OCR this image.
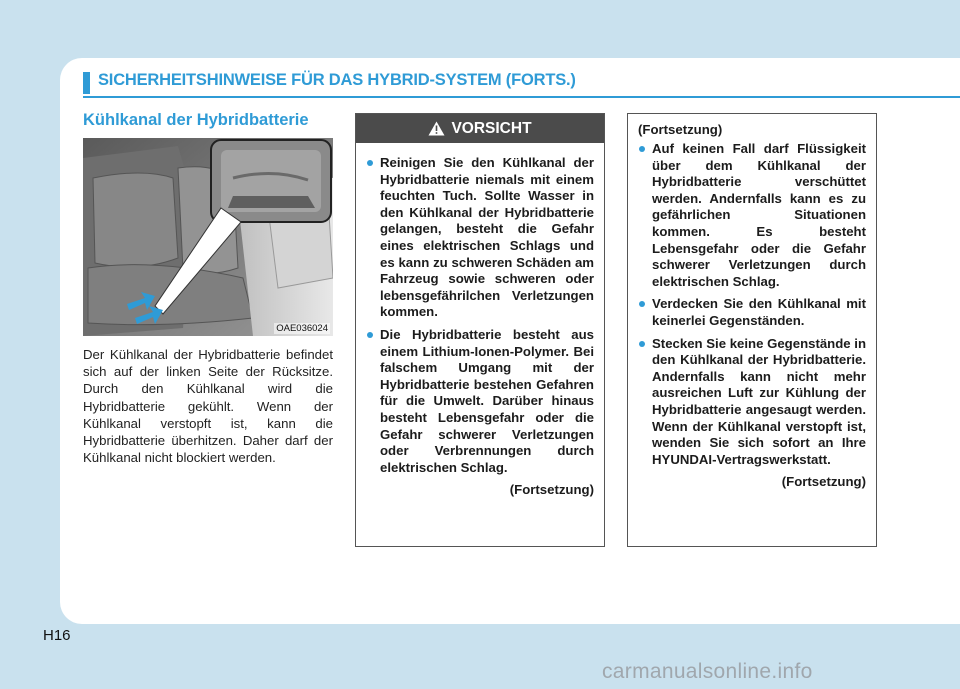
SICHERHEITSHINWEISE FÜR DAS HYBRID-SYSTEM (FORTS.)
Kühlkanal der Hybridbatterie
OAE036024
Der Kühlkanal der Hybridbatterie befindet sich auf der linken Seite der Rücksitze. Durch den Kühlkanal wird die Hybridbatterie gekühlt. Wenn der Kühlkanal verstopft ist, kann die Hybridbatterie überhitzen. Daher darf der Kühlkanal nicht blockiert werden.
VORSICHT
Reinigen Sie den Kühlkanal der Hybridbatterie niemals mit einem feuchten Tuch. Sollte Wasser in den Kühlkanal der Hybridbatterie gelangen, besteht die Gefahr eines elektrischen Schlags und es kann zu schweren Schäden am Fahrzeug sowie schweren oder lebensgefährilchen Verletzungen kommen.
Die Hybridbatterie besteht aus einem Lithium-Ionen-Polymer. Bei falschem Umgang mit der Hybridbatterie bestehen Gefahren für die Umwelt. Darüber hinaus besteht Lebensgefahr oder die Gefahr schwerer Verletzungen oder Verbrennungen durch elektrischen Schlag.
(Fortsetzung)
(Fortsetzung)
Auf keinen Fall darf Flüssigkeit über dem Kühlkanal der Hybridbatterie verschüttet werden. Andernfalls kann es zu gefährlichen Situationen kommen. Es besteht Lebensgefahr oder die Gefahr schwerer Verletzungen durch elektrischen Schlag.
Verdecken Sie den Kühlkanal mit keinerlei Gegenständen.
Stecken Sie keine Gegenstände in den Kühlkanal der Hybridbatterie. Andernfalls kann nicht mehr ausreichen Luft zur Kühlung der Hybridbatterie angesaugt werden. Wenn der Kühlkanal verstopft ist, wenden Sie sich sofort an Ihre HYUNDAI-Vertragswerkstatt.
(Fortsetzung)
H16
carmanualsonline.info
